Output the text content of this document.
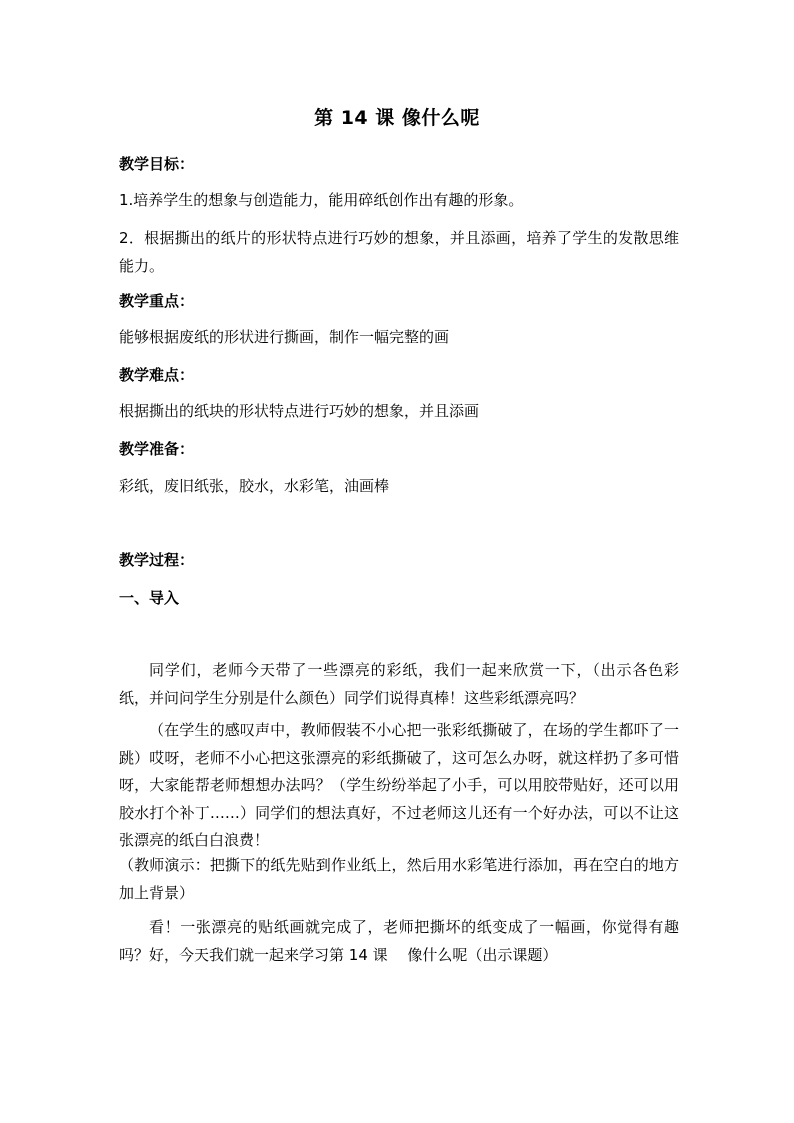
第 14 课 像什么呢
教学目标：
1.培养学生的想象与创造能力，能用碎纸创作出有趣的形象。
2．根据撕出的纸片的形状特点进行巧妙的想象，并且添画，培养了学生的发散思维能力。
教学重点：
能够根据废纸的形状进行撕画，制作一幅完整的画
教学难点：
根据撕出的纸块的形状特点进行巧妙的想象，并且添画
教学准备：
彩纸，废旧纸张，胶水，水彩笔，油画棒
教学过程：
一、导入
同学们，老师今天带了一些漂亮的彩纸，我们一起来欣赏一下，（出示各色彩纸，并问问学生分别是什么颜色）同学们说得真棒！这些彩纸漂亮吗？
（在学生的感叹声中，教师假装不小心把一张彩纸撕破了，在场的学生都吓了一跳）哎呀，老师不小心把这张漂亮的彩纸撕破了，这可怎么办呀，就这样扔了多可惜呀，大家能帮老师想想办法吗？（学生纷纷举起了小手，可以用胶带贴好，还可以用胶水打个补丁……）同学们的想法真好，不过老师这儿还有一个好办法，可以不让这张漂亮的纸白白浪费！
（教师演示：把撕下的纸先贴到作业纸上，然后用水彩笔进行添加，再在空白的地方加上背景）
看！一张漂亮的贴纸画就完成了，老师把撕坏的纸变成了一幅画，你觉得有趣吗？好，今天我们就一起来学习第 14 课　 像什么呢（出示课题）
